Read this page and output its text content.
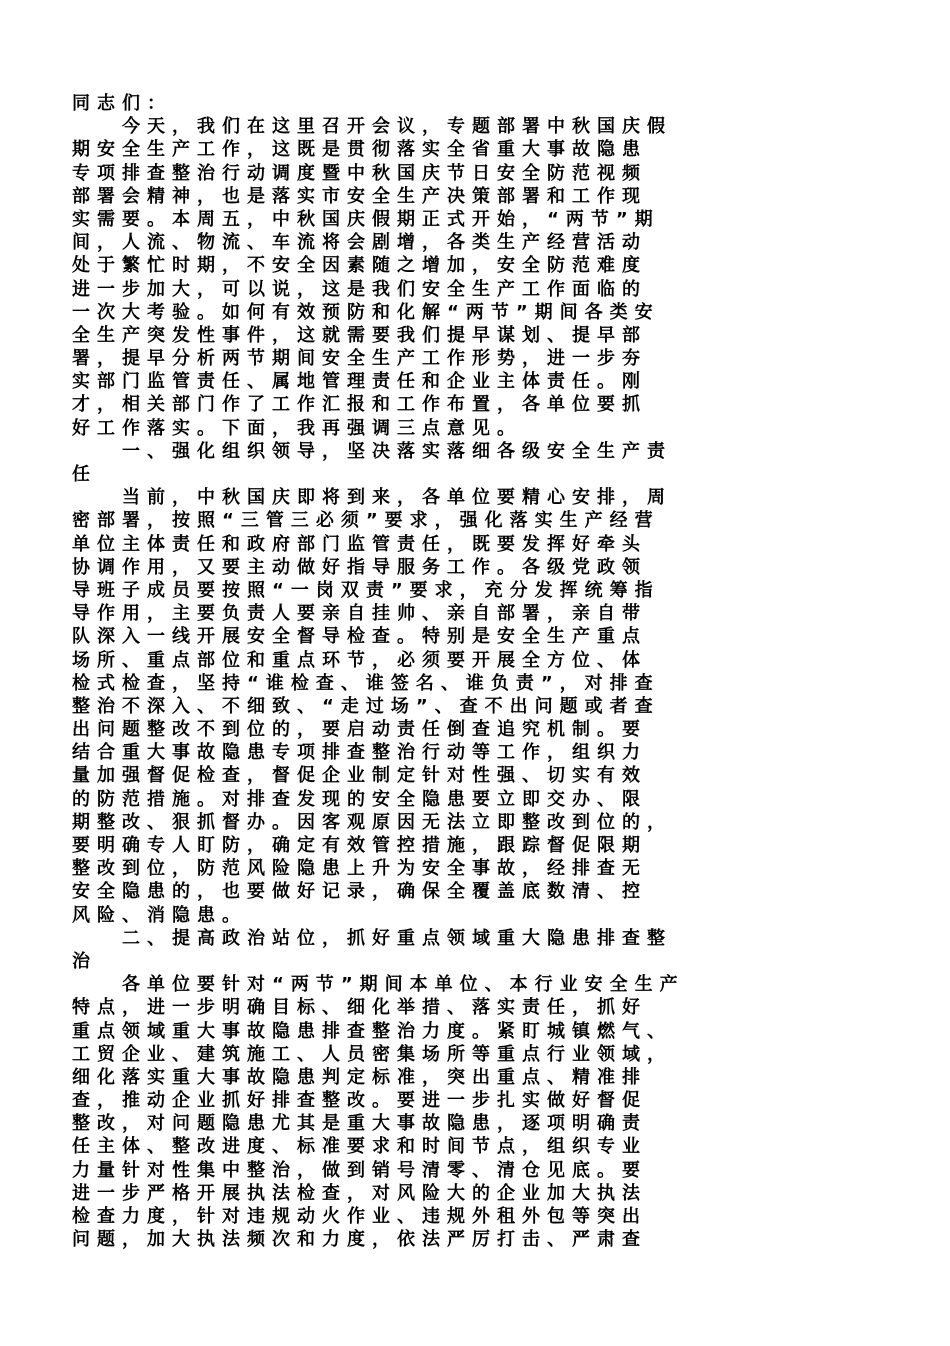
同志们：
　　今天，我们在这里召开会议，专题部署中秋国庆假
期安全生产工作，这既是贯彻落实全省重大事故隐患
专项排查整治行动调度暨中秋国庆节日安全防范视频
部署会精神，也是落实市安全生产决策部署和工作现
实需要。本周五，中秋国庆假期正式开始，“两节”期
间，人流、物流、车流将会剧增，各类生产经营活动
处于繁忙时期，不安全因素随之增加，安全防范难度
进一步加大，可以说，这是我们安全生产工作面临的
一次大考验。如何有效预防和化解“两节”期间各类安
全生产突发性事件，这就需要我们提早谋划、提早部
署，提早分析两节期间安全生产工作形势，进一步夯
实部门监管责任、属地管理责任和企业主体责任。刚
才，相关部门作了工作汇报和工作布置，各单位要抓
好工作落实。下面，我再强调三点意见。
　　一、强化组织领导，坚决落实落细各级安全生产责
任
　　当前，中秋国庆即将到来，各单位要精心安排，周
密部署，按照“三管三必须”要求，强化落实生产经营
单位主体责任和政府部门监管责任，既要发挥好牵头
协调作用，又要主动做好指导服务工作。各级党政领
导班子成员要按照“一岗双责”要求，充分发挥统筹指
导作用，主要负责人要亲自挂帅、亲自部署，亲自带
队深入一线开展安全督导检查。特别是安全生产重点
场所、重点部位和重点环节，必须要开展全方位、体
检式检查，坚持“谁检查、谁签名、谁负责”，对排查
整治不深入、不细致、“走过场”、查不出问题或者查
出问题整改不到位的，要启动责任倒查追究机制。要
结合重大事故隐患专项排查整治行动等工作，组织力
量加强督促检查，督促企业制定针对性强、切实有效
的防范措施。对排查发现的安全隐患要立即交办、限
期整改、狠抓督办。因客观原因无法立即整改到位的，
要明确专人盯防，确定有效管控措施，跟踪督促限期
整改到位，防范风险隐患上升为安全事故，经排查无
安全隐患的，也要做好记录，确保全覆盖底数清、控
风险、消隐患。
　　二、提高政治站位，抓好重点领域重大隐患排查整
治
　　各单位要针对“两节”期间本单位、本行业安全生产
特点，进一步明确目标、细化举措、落实责任，抓好
重点领域重大事故隐患排查整治力度。紧盯城镇燃气、
工贸企业、建筑施工、人员密集场所等重点行业领域，
细化落实重大事故隐患判定标准，突出重点、精准排
查，推动企业抓好排查整改。要进一步扎实做好督促
整改，对问题隐患尤其是重大事故隐患，逐项明确责
任主体、整改进度、标准要求和时间节点，组织专业
力量针对性集中整治，做到销号清零、清仓见底。要
进一步严格开展执法检查，对风险大的企业加大执法
检查力度，针对违规动火作业、违规外租外包等突出
问题，加大执法频次和力度，依法严厉打击、严肃查
